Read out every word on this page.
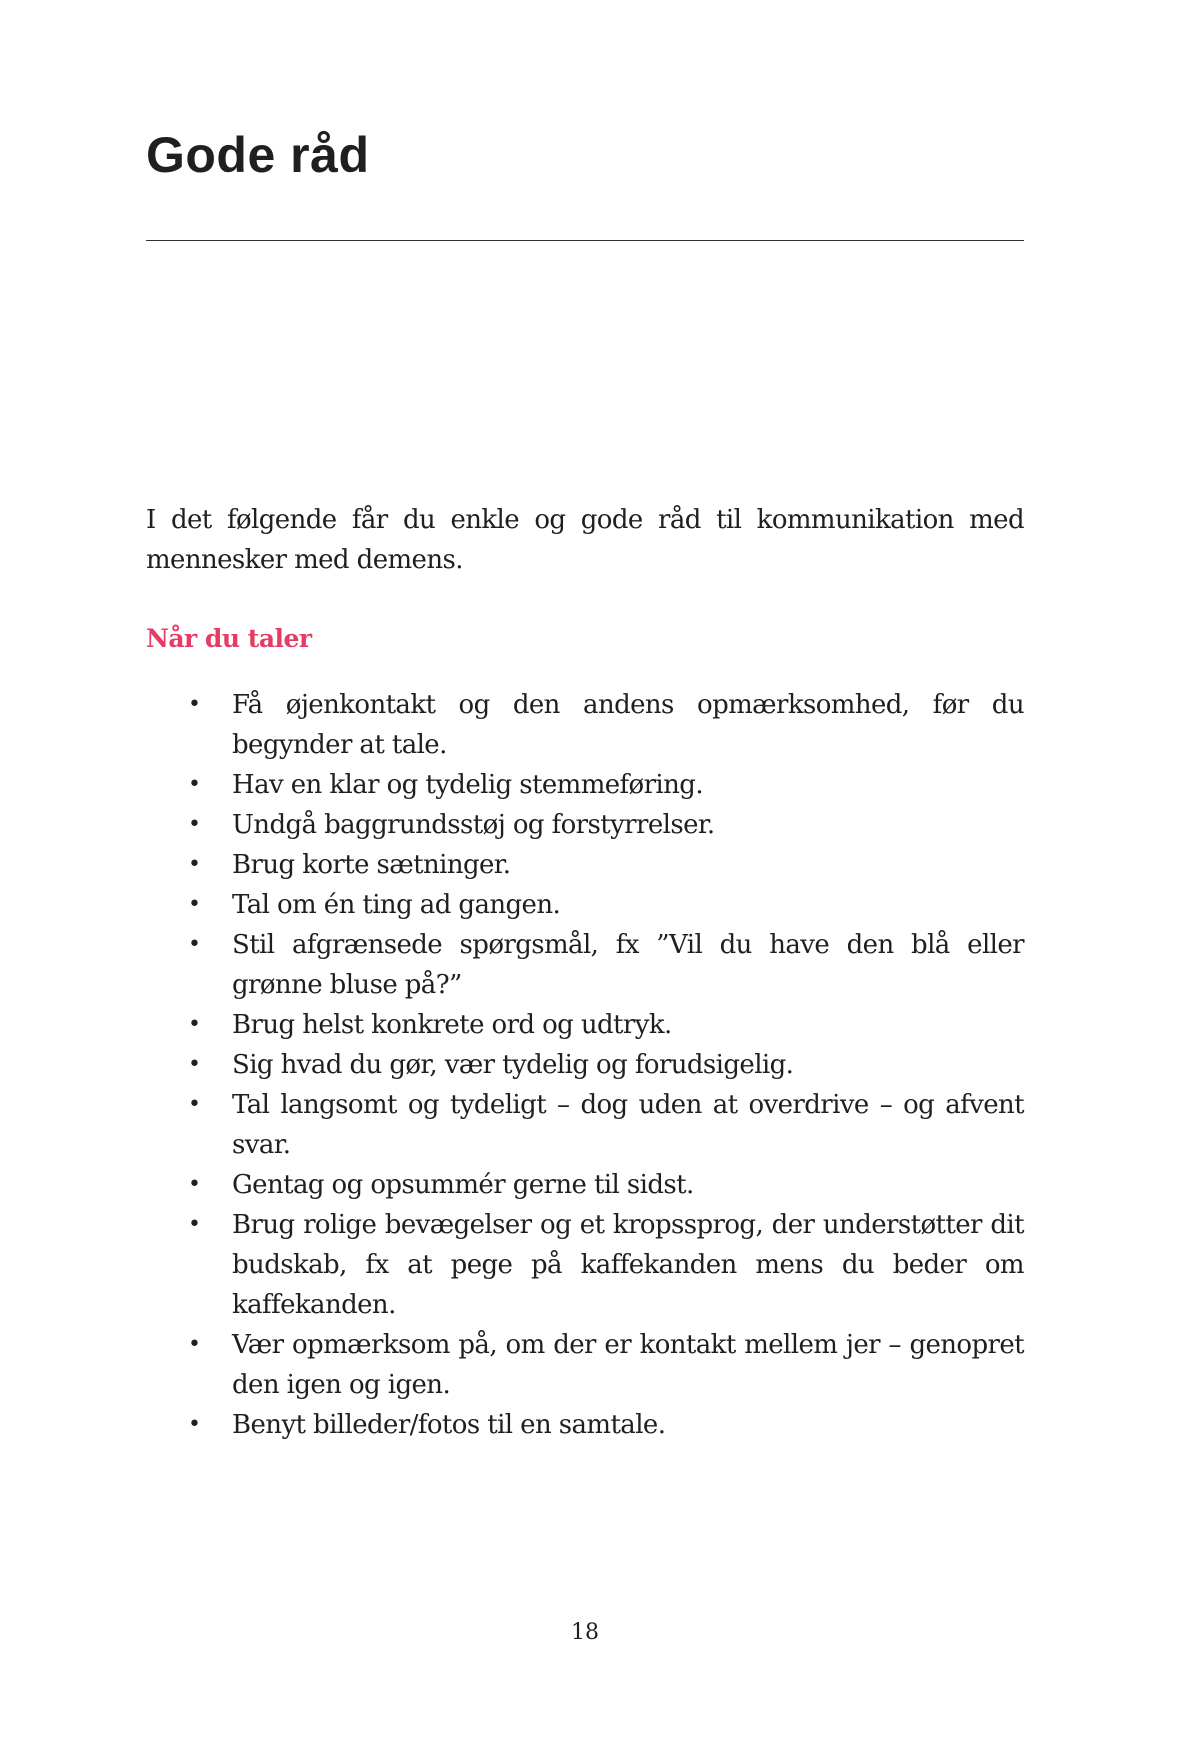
Gode råd

I det følgende får du enkle og gode råd til kommunikation med mennesker med demens.

Når du taler
• Få øjenkontakt og den andens opmærksomhed, før du begynder at tale.
• Hav en klar og tydelig stemmeføring.
• Undgå baggrundsstøj og forstyrrelser.
• Brug korte sætninger.
• Tal om én ting ad gangen.
• Stil afgrænsede spørgsmål, fx ”Vil du have den blå eller grønne bluse på?”
• Brug helst konkrete ord og udtryk.
• Sig hvad du gør, vær tydelig og forudsigelig.
• Tal langsomt og tydeligt – dog uden at overdrive – og afvent svar.
• Gentag og opsummér gerne til sidst.
• Brug rolige bevægelser og et kropssprog, der understøtter dit budskab, fx at pege på kaffekanden mens du beder om kaffekanden.
• Vær opmærksom på, om der er kontakt mellem jer – genopret den igen og igen.
• Benyt billeder/fotos til en samtale.
18
